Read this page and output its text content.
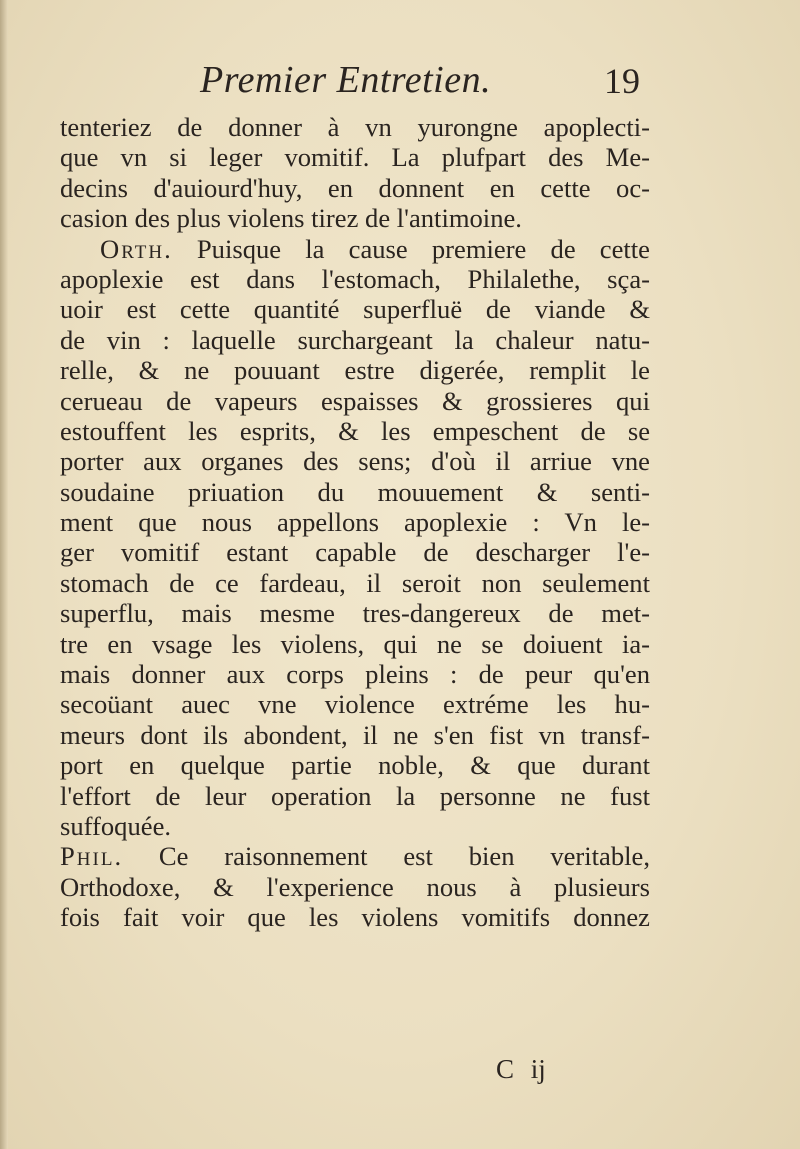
Premier Entretien.	19
tenteriez de donner à vn yurongne apoplecti-
que vn si leger vomitif. La plufpart des Me-
decins d'auiourd'huy, en donnent en cette oc-
casion des plus violens tirez de l'antimoine.
Orth. Puisque la cause premiere de cette
apoplexie est dans l'estomach, Philalethe, sça-
uoir est cette quantité superfluë de viande &
de vin : laquelle surchargeant la chaleur natu-
relle, & ne pouuant estre digerée, remplit le
cerueau de vapeurs espaisses & grossieres qui
estouffent les esprits, & les empeschent de se
porter aux organes des sens; d'où il arriue vne
soudaine priuation du mouuement & senti-
ment que nous appellons apoplexie : Vn le-
ger vomitif estant capable de descharger l'e-
stomach de ce fardeau, il seroit non seulement
superflu, mais mesme tres-dangereux de met-
tre en vsage les violens, qui ne se doiuent ia-
mais donner aux corps pleins : de peur qu'en
secoüant auec vne violence extréme les hu-
meurs dont ils abondent, il ne s'en fist vn transf-
port en quelque partie noble, & que durant
l'effort de leur operation la personne ne fust
suffoquée.
Phil. Ce raisonnement est bien veritable,
Orthodoxe, & l'experience nous à plusieurs
fois fait voir que les violens vomitifs donnez
C ij
